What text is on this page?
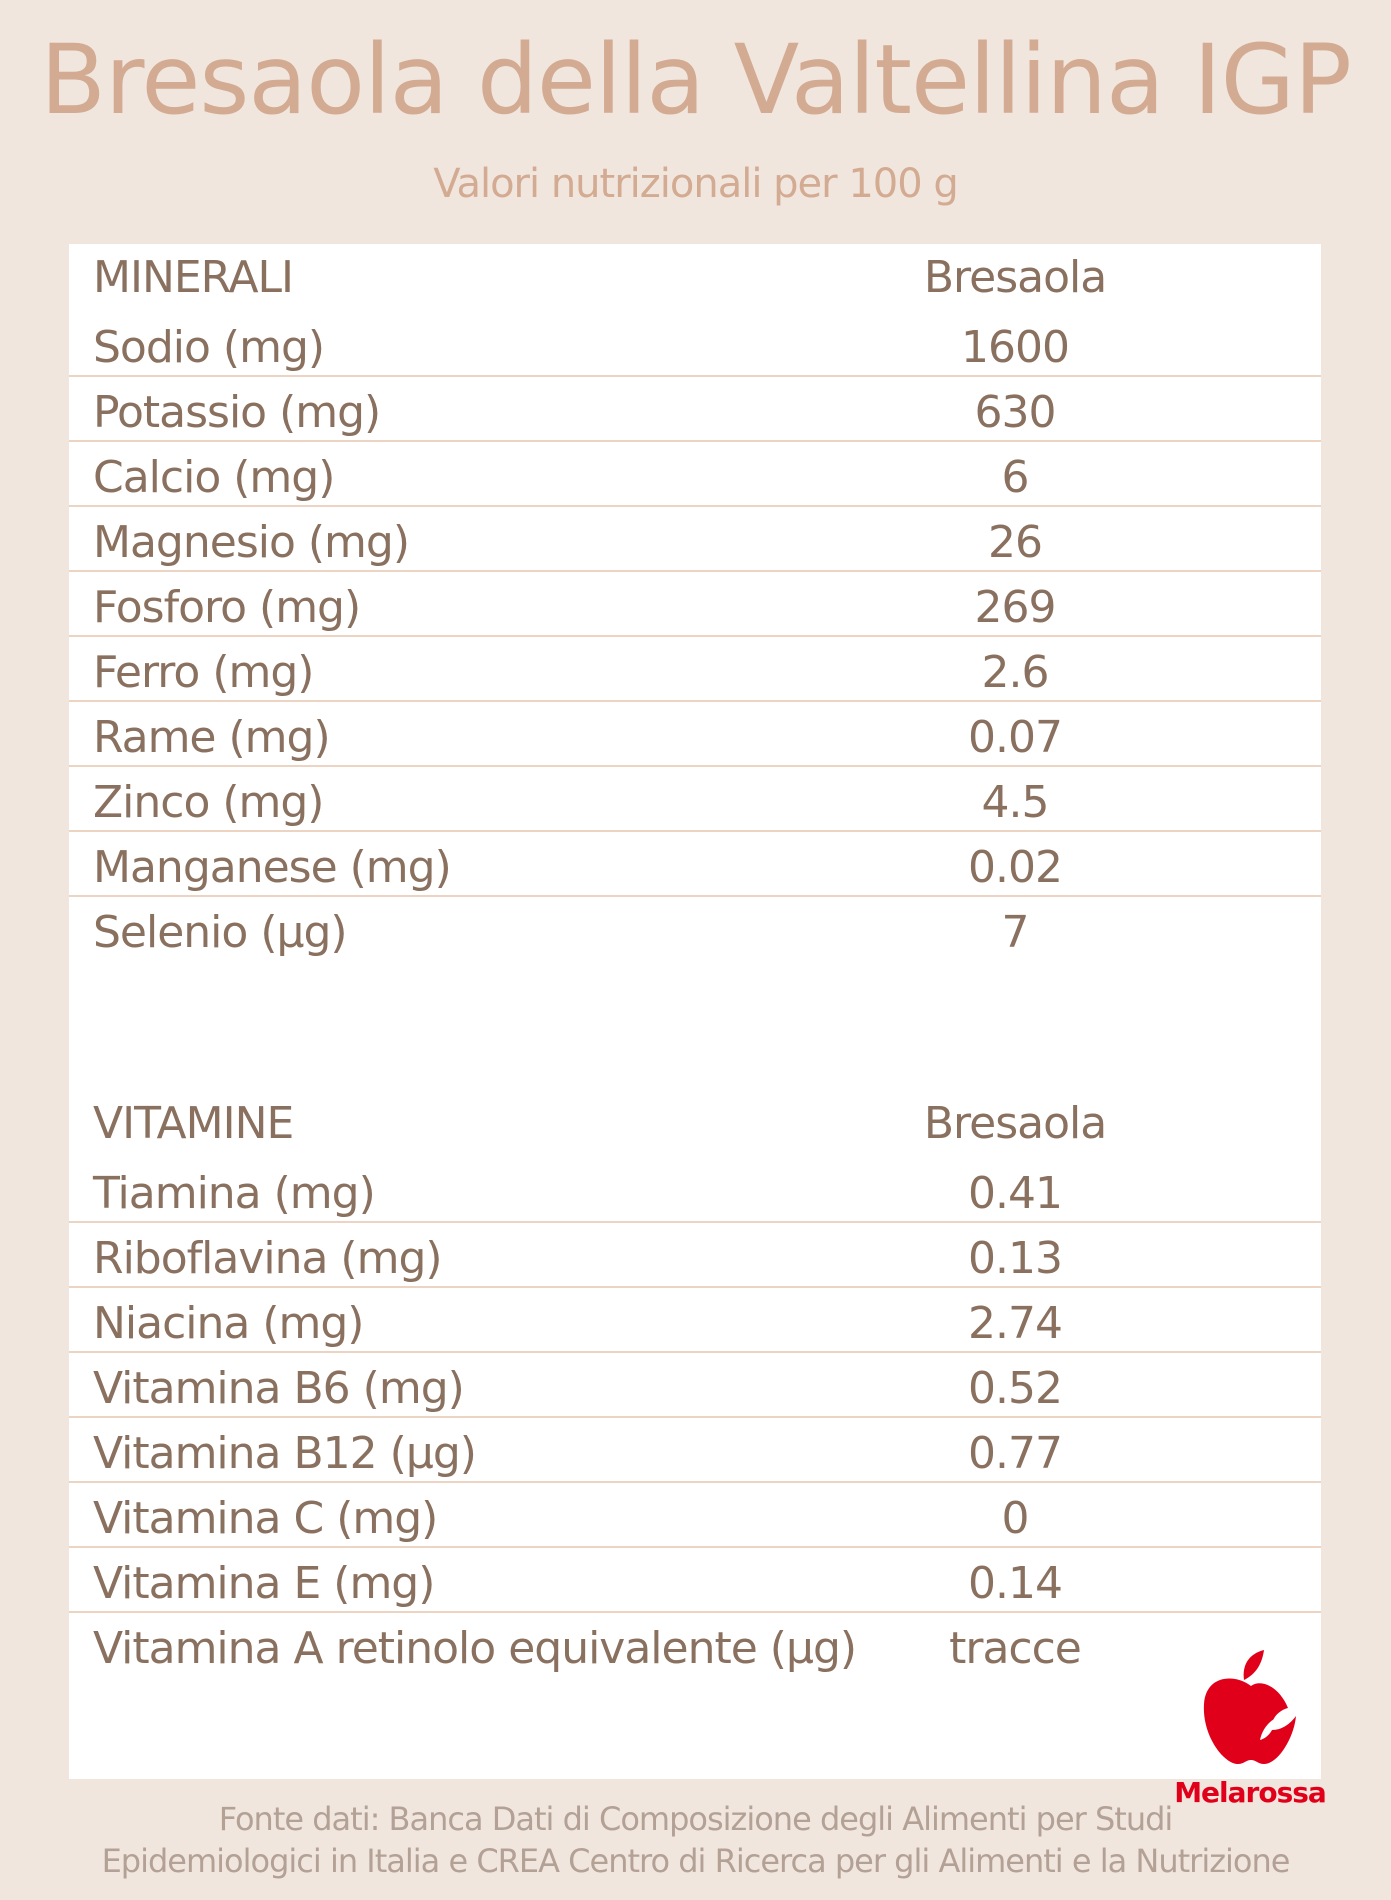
Bresaola della Valtellina IGP
Valori nutrizionali per 100 g
MINERALI	Bresaola
Sodio (mg)	1600
Potassio (mg)	630
Calcio (mg)	6
Magnesio (mg)	26
Fosforo (mg)	269
Ferro (mg)	2.6
Rame (mg)	0.07
Zinco (mg)	4.5
Manganese (mg)	0.02
Selenio (μg)	7
VITAMINE	Bresaola
Tiamina (mg)	0.41
Riboflavina (mg)	0.13
Niacina (mg)	2.74
Vitamina B6 (mg)	0.52
Vitamina B12 (μg)	0.77
Vitamina C (mg)	0
Vitamina E (mg)	0.14
Vitamina A retinolo equivalente (μg)	tracce
Melarossa
Fonte dati: Banca Dati di Composizione degli Alimenti per Studi
Epidemiologici in Italia e CREA Centro di Ricerca per gli Alimenti e la Nutrizione
